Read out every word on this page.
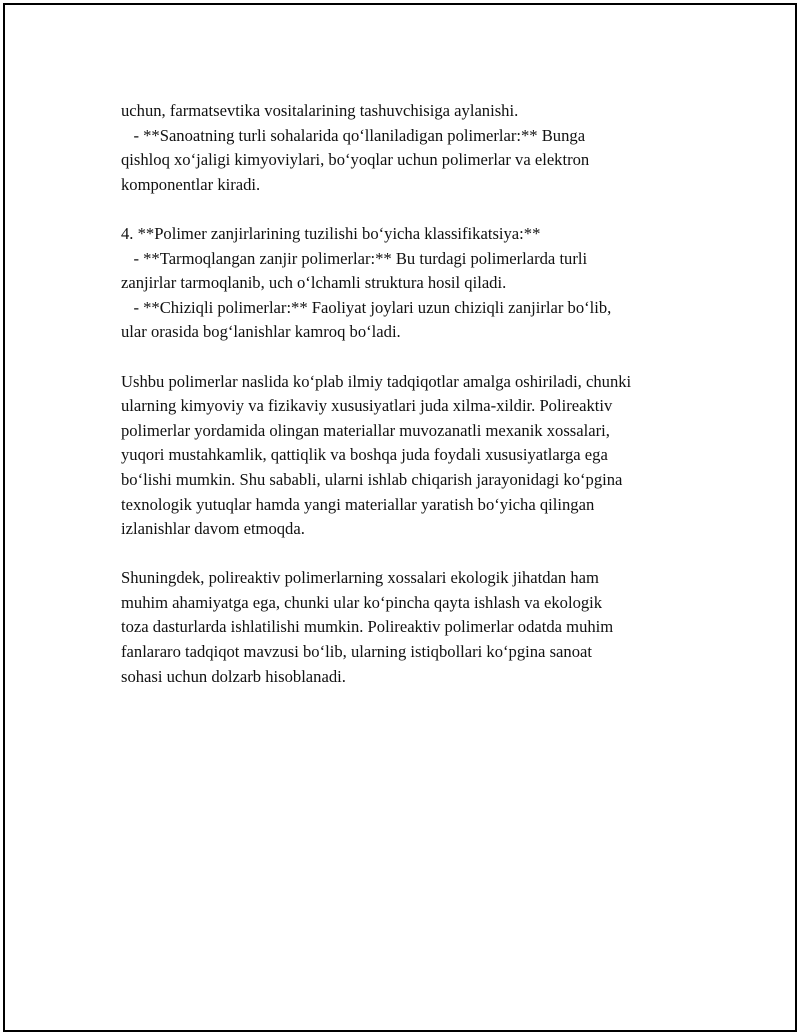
uchun, farmatsevtika vositalarining tashuvchisiga aylanishi.
- **Sanoatning turli sohalarida qo‘llaniladigan polimerlar:** Bunga
qishloq xo‘jaligi kimyoviylari, bo‘yoqlar uchun polimerlar va elektron
komponentlar kiradi.
4. **Polimer zanjirlarining tuzilishi bo‘yicha klassifikatsiya:**
- **Tarmoqlangan zanjir polimerlar:** Bu turdagi polimerlarda turli
zanjirlar tarmoqlanib, uch o‘lchamli struktura hosil qiladi.
- **Chiziqli polimerlar:** Faoliyat joylari uzun chiziqli zanjirlar bo‘lib,
ular orasida bog‘lanishlar kamroq bo‘ladi.
Ushbu polimerlar naslida ko‘plab ilmiy tadqiqotlar amalga oshiriladi, chunki
ularning kimyoviy va fizikaviy xususiyatlari juda xilma-xildir. Polireaktiv
polimerlar yordamida olingan materiallar muvozanatli mexanik xossalari,
yuqori mustahkamlik, qattiqlik va boshqa juda foydali xususiyatlarga ega
bo‘lishi mumkin. Shu sababli, ularni ishlab chiqarish jarayonidagi ko‘pgina
texnologik yutuqlar hamda yangi materiallar yaratish bo‘yicha qilingan
izlanishlar davom etmoqda.
Shuningdek, polireaktiv polimerlarning xossalari ekologik jihatdan ham
muhim ahamiyatga ega, chunki ular ko‘pincha qayta ishlash va ekologik
toza dasturlarda ishlatilishi mumkin. Polireaktiv polimerlar odatda muhim
fanlararo tadqiqot mavzusi bo‘lib, ularning istiqbollari ko‘pgina sanoat
sohasi uchun dolzarb hisoblanadi.
